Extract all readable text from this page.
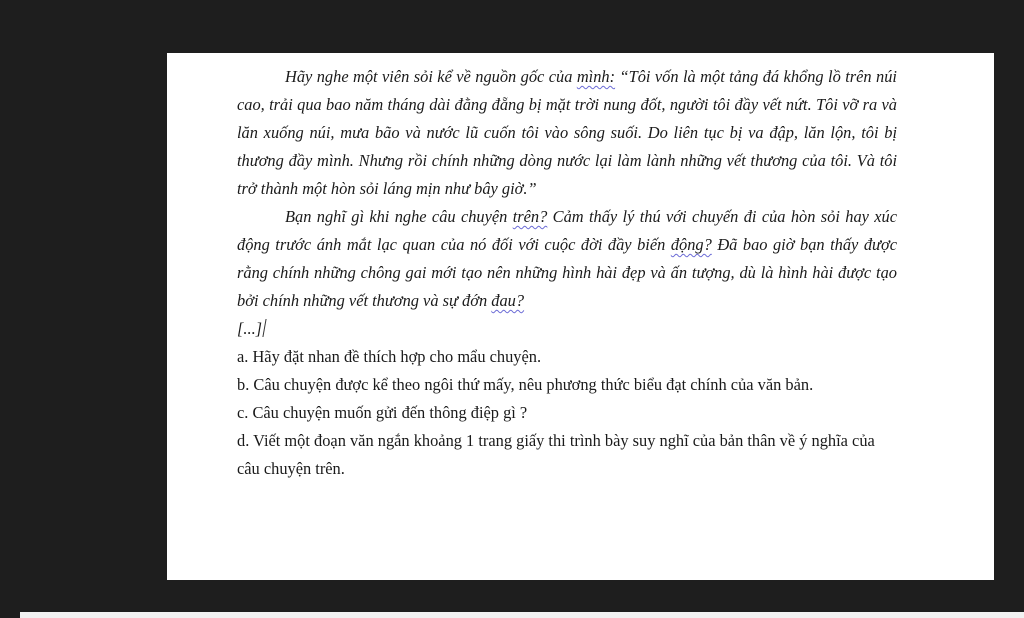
Hãy nghe một viên sỏi kể về nguồn gốc của mình: “Tôi vốn là một tảng đá khổng lồ trên núi cao, trải qua bao năm tháng dài đằng đẵng bị mặt trời nung đốt, người tôi đầy vết nứt. Tôi vỡ ra và lăn xuống núi, mưa bão và nước lũ cuốn tôi vào sông suối. Do liên tục bị va đập, lăn lộn, tôi bị thương đầy mình. Nhưng rồi chính những dòng nước lại làm lành những vết thương của tôi. Và tôi trở thành một hòn sỏi láng mịn như bây giờ.”

Bạn nghĩ gì khi nghe câu chuyện trên? Cảm thấy lý thú với chuyến đi của hòn sỏi hay xúc động trước ánh mắt lạc quan của nó đối với cuộc đời đầy biến động? Đã bao giờ bạn thấy được rằng chính những chông gai mới tạo nên những hình hài đẹp và ấn tượng, dù là hình hài được tạo bởi chính những vết thương và sự đớn đau?

[...]

a. Hãy đặt nhan đề thích hợp cho mẩu chuyện.

b. Câu chuyện được kể theo ngôi thứ mấy, nêu phương thức biểu đạt chính của văn bản.

c. Câu chuyện muốn gửi đến thông điệp gì ?

d. Viết một đoạn văn ngắn khoảng 1 trang giấy thi trình bày suy nghĩ của bản thân về ý nghĩa của câu chuyện trên.
